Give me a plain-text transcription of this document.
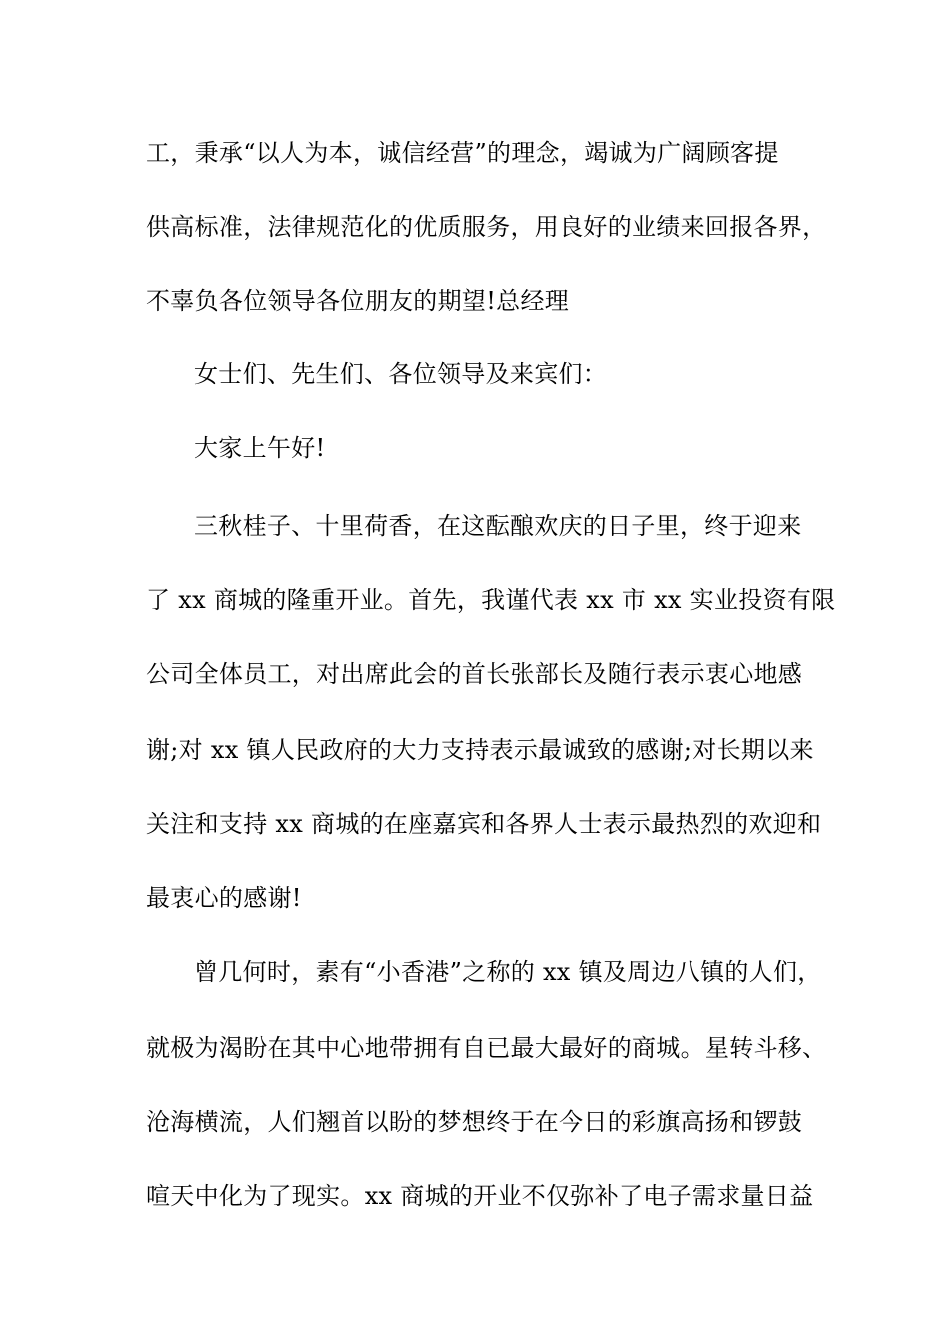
工，秉承“以人为本，诚信经营”的理念，竭诚为广阔顾客提
供高标准，法律规范化的优质服务，用良好的业绩来回报各界，
不辜负各位领导各位朋友的期望!总经理
女士们、先生们、各位领导及来宾们：
大家上午好!
三秋桂子、十里荷香，在这酝酿欢庆的日子里，终于迎来
了 xx 商城的隆重开业。首先，我谨代表 xx 市 xx 实业投资有限
公司全体员工，对出席此会的首长张部长及随行表示衷心地感
谢;对 xx 镇人民政府的大力支持表示最诚致的感谢;对长期以来
关注和支持 xx 商城的在座嘉宾和各界人士表示最热烈的欢迎和
最衷心的感谢!
曾几何时，素有“小香港”之称的 xx 镇及周边八镇的人们，
就极为渴盼在其中心地带拥有自已最大最好的商城。星转斗移、
沧海横流，人们翘首以盼的梦想终于在今日的彩旗高扬和锣鼓
喧天中化为了现实。xx 商城的开业不仅弥补了电子需求量日益
